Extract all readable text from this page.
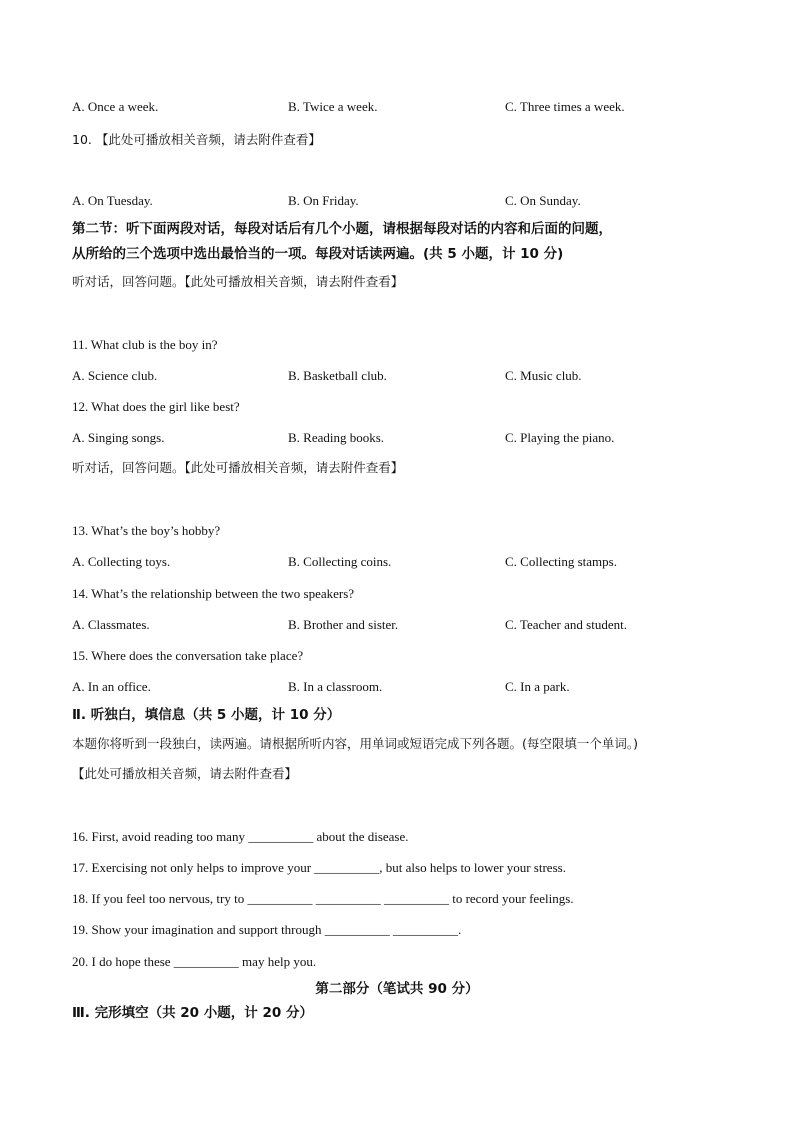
A. Once a week.	B. Twice a week.	C. Three times a week.
10. 【此处可播放相关音频，请去附件查看】
A. On Tuesday.	B. On Friday.	C. On Sunday.
第二节：听下面两段对话，每段对话后有几个小题，请根据每段对话的内容和后面的问题，
从所给的三个选项中选出最恰当的一项。每段对话读两遍。(共 5 小题，计 10 分)
听对话，回答问题。【此处可播放相关音频，请去附件查看】
11. What club is the boy in?
A. Science club.	B. Basketball club.	C. Music club.
12. What does the girl like best?
A. Singing songs.	B. Reading books.	C. Playing the piano.
听对话，回答问题。【此处可播放相关音频，请去附件查看】
13. What’s the boy’s hobby?
A. Collecting toys.	B. Collecting coins.	C. Collecting stamps.
14. What’s the relationship between the two speakers?
A. Classmates.	B. Brother and sister.	C. Teacher and student.
15. Where does the conversation take place?
A. In an office.	B. In a classroom.	C. In a park.
Ⅱ. 听独白，填信息（共 5 小题，计 10 分）
本题你将听到一段独白，读两遍。请根据所听内容，用单词或短语完成下列各题。(每空限填一个单词。)
【此处可播放相关音频，请去附件查看】
16. First, avoid reading too many __________ about the disease.
17. Exercising not only helps to improve your __________, but also helps to lower your stress.
18. If you feel too nervous, try to __________ __________ __________ to record your feelings.
19. Show your imagination and support through __________ __________.
20. I do hope these __________ may help you.
第二部分（笔试共 90 分）
Ⅲ. 完形填空（共 20 小题，计 20 分）
